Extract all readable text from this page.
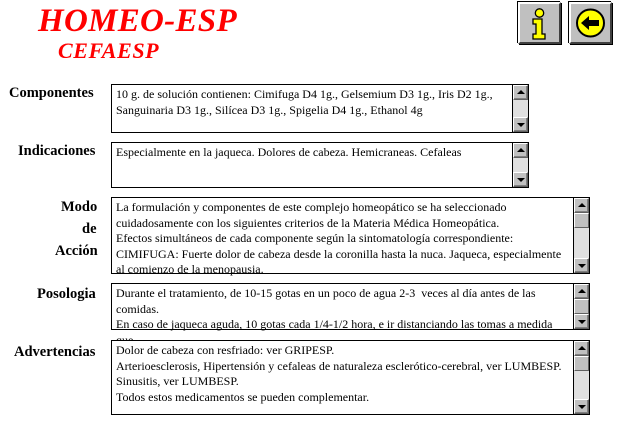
HOMEO-ESP
CEFAESP
Componentes 10 g. de solución contienen: Cimifuga D4 1g., Gelsemium D3 1g., Iris D2 1g., Sanguinaria D3 1g., Silícea D3 1g., Spigelia D4 1g., Ethanol 4g
Indicaciones Especialmente en la jaqueca. Dolores de cabeza. Hemicraneas. Cefaleas
Modo
de
Acción
La formulación y componentes de este complejo homeopático se ha seleccionado cuidadosamente con los siguientes criterios de la Materia Médica Homeopática.
Efectos simultáneos de cada componente según la sintomatología correspondiente:
CIMIFUGA: Fuerte dolor de cabeza desde la coronilla hasta la nuca. Jaqueca, especialmente al comienzo de la menopausia.
Posologia Durante el tratamiento, de 10-15 gotas en un poco de agua 2-3  veces al día antes de las comidas.
En caso de jaqueca aguda, 10 gotas cada 1/4-1/2 hora, e ir distanciando las tomas a medida
Advertencias Dolor de cabeza con resfriado: ver GRIPESP.
Arterioesclerosis, Hipertensión y cefaleas de naturaleza esclerótico-cerebral, ver LUMBESP.
Sinusitis, ver LUMBESP.
Todos estos medicamentos se pueden complementar.
